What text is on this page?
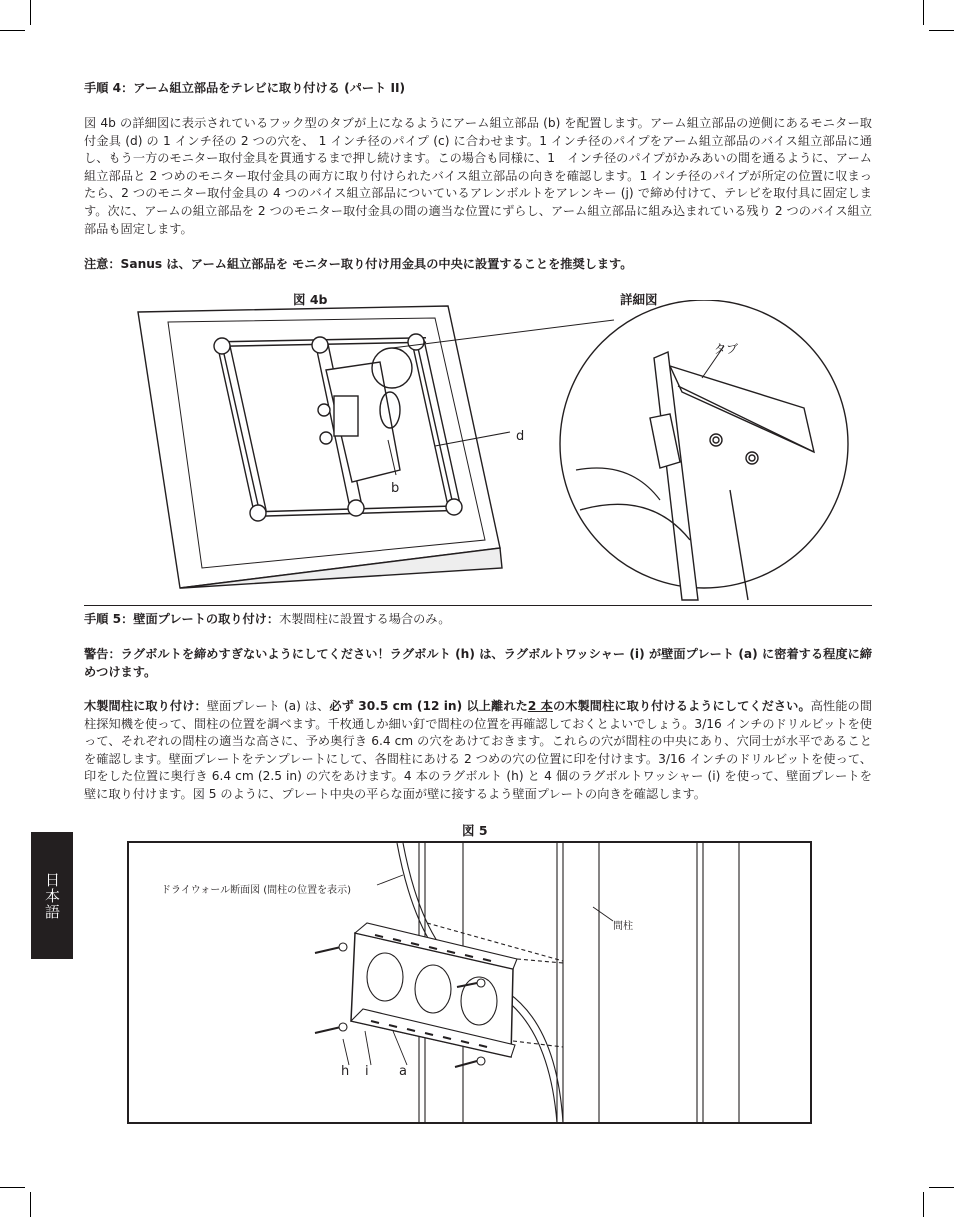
手順 4：アーム組立部品をテレビに取り付ける (パート II)
図 4b の詳細図に表示されているフック型のタブが上になるようにアーム組立部品 (b) を配置します。アーム組立部品の逆側にあるモニター取付金具 (d) の 1 インチ径の 2 つの穴を、 1 インチ径のパイプ (c) に合わせます。1 インチ径のパイプをアーム組立部品のバイス組立部品に通し、もう一方のモニター取付金具を貫通するまで押し続けます。この場合も同様に、1　インチ径のパイプがかみあいの間を通るように、アーム組立部品と 2 つめのモニター取付金具の両方に取り付けられたバイス組立部品の向きを確認します。1 インチ径のパイプが所定の位置に収まったら、2 つのモニター取付金具の 4 つのバイス組立部品についているアレンボルトをアレンキー (j) で締め付けて、テレビを取付具に固定します。次に、アームの組立部品を 2 つのモニター取付金具の間の適当な位置にずらし、アーム組立部品に組み込まれている残り 2 つのバイス組立部品も固定します。
注意：Sanus は、アーム組立部品を モニター取り付け用金具の中央に設置することを推奨します。
図 4b	詳細図
d
b
タブ
手順 5：壁面プレートの取り付け：木製間柱に設置する場合のみ。
警告：ラグボルトを締めすぎないようにしてください！ラグボルト (h) は、ラグボルトワッシャー (i) が壁面プレート (a) に密着する程度に締めつけます。
木製間柱に取り付け：壁面プレート (a) は、必ず 30.5 cm (12 in) 以上離れた2 本の木製間柱に取り付けるようにしてください。高性能の間柱探知機を使って、間柱の位置を調べます。千枚通しか細い釘で間柱の位置を再確認しておくとよいでしょう。3/16 インチのドリルビットを使って、それぞれの間柱の適当な高さに、予め奥行き 6.4 cm の穴をあけておきます。これらの穴が間柱の中央にあり、穴同士が水平であることを確認します。壁面プレートをテンプレートにして、各間柱にあける 2 つめの穴の位置に印を付けます。3/16 インチのドリルビットを使って、印をした位置に奥行き 6.4 cm (2.5 in) の穴をあけます。4 本のラグボルト (h) と 4 個のラグボルトワッシャー (i) を使って、壁面プレートを壁に取り付けます。図 5 のように、プレート中央の平らな面が壁に接するよう壁面プレートの向きを確認します。
図 5
ドライウォール断面図 (間柱の位置を表示)
間柱
h i a
日本語
